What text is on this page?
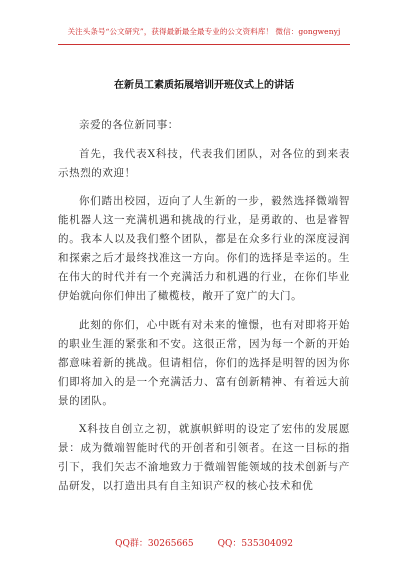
关注头条号“公文研究”，获得最新最全最专业的公文资料库！ 微信：gongwenyj
在新员工素质拓展培训开班仪式上的讲话

亲爱的各位新同事：

首先，我代表X科技，代表我们团队，对各位的到来表示热烈的欢迎！

你们踏出校园，迈向了人生新的一步，毅然选择微端智能机器人这一充满机遇和挑战的行业，是勇敢的、也是睿智的。我本人以及我们整个团队，都是在众多行业的深度浸润和探索之后才最终找准这一方向。你们的选择是幸运的。生在伟大的时代并有一个充满活力和机遇的行业，在你们毕业伊始就向你们伸出了橄榄枝，敞开了宽广的大门。

此刻的你们，心中既有对未来的憧憬，也有对即将开始的职业生涯的紧张和不安。这很正常，因为每一个新的开始都意味着新的挑战。但请相信，你们的选择是明智的因为你们即将加入的是一个充满活力、富有创新精神、有着远大前景的团队。

X科技自创立之初，就旗帜鲜明的设定了宏伟的发展愿景：成为微端智能时代的开创者和引领者。在这一目标的指引下，我们矢志不渝地致力于微端智能领域的技术创新与产品研发，以打造出具有自主知识产权的核心技术和优

QQ群：30265665	QQ：535304092
